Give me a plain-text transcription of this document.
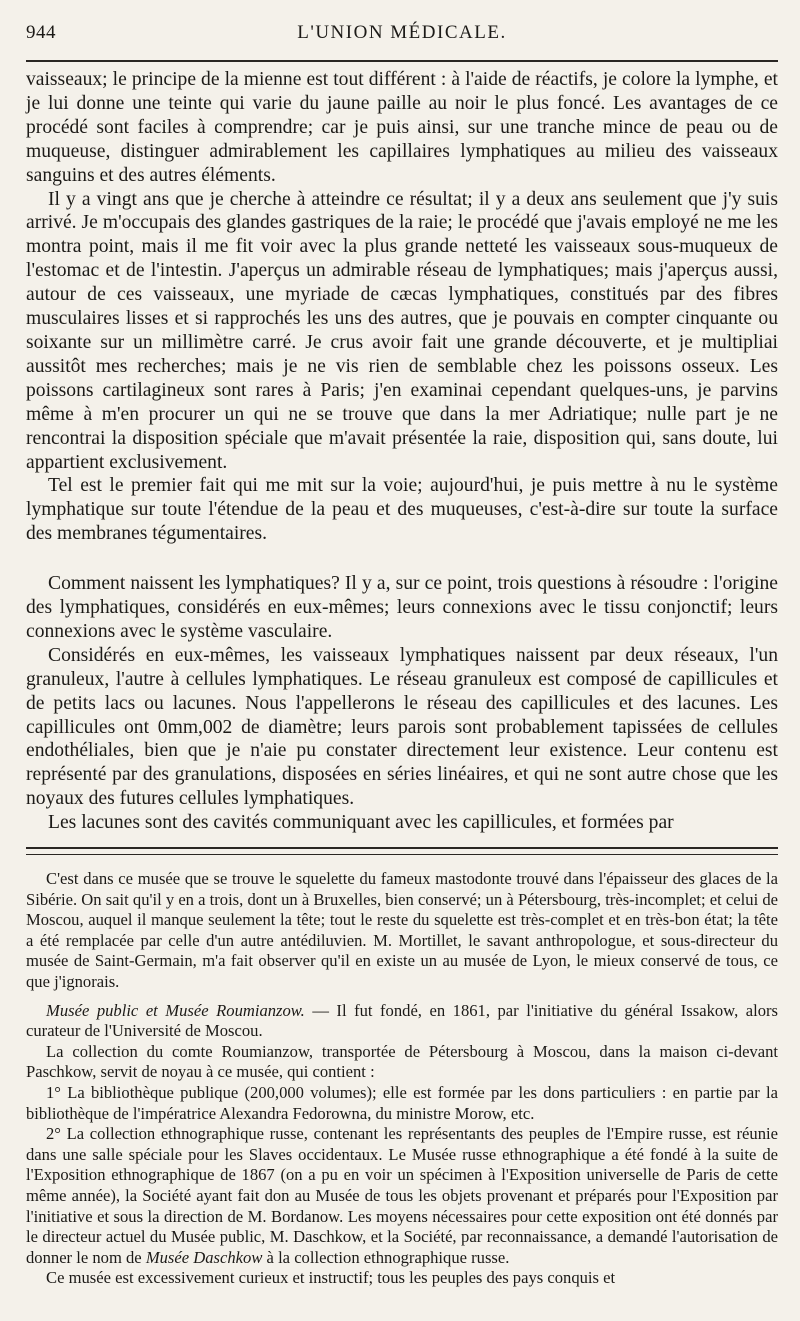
944	L'UNION MÉDICALE.

vaisseaux; le principe de la mienne est tout différent : à l'aide de réactifs, je colore la lymphe, et je lui donne une teinte qui varie du jaune paille au noir le plus foncé. Les avantages de ce procédé sont faciles à comprendre; car je puis ainsi, sur une tranche mince de peau ou de muqueuse, distinguer admirablement les capillaires lymphatiques au milieu des vaisseaux sanguins et des autres éléments.

Il y a vingt ans que je cherche à atteindre ce résultat; il y a deux ans seulement que j'y suis arrivé. Je m'occupais des glandes gastriques de la raie; le procédé que j'avais employé ne me les montra point, mais il me fit voir avec la plus grande netteté les vaisseaux sous-muqueux de l'estomac et de l'intestin. J'aperçus un admirable réseau de lymphatiques; mais j'aperçus aussi, autour de ces vaisseaux, une myriade de cæcas lymphatiques, constitués par des fibres musculaires lisses et si rapprochés les uns des autres, que je pouvais en compter cinquante ou soixante sur un millimètre carré. Je crus avoir fait une grande découverte, et je multipliai aussitôt mes recherches; mais je ne vis rien de semblable chez les poissons osseux. Les poissons cartilagineux sont rares à Paris; j'en examinai cependant quelques-uns, je parvins même à m'en procurer un qui ne se trouve que dans la mer Adriatique; nulle part je ne rencontrai la disposition spéciale que m'avait présentée la raie, disposition qui, sans doute, lui appartient exclusivement.

Tel est le premier fait qui me mit sur la voie; aujourd'hui, je puis mettre à nu le système lymphatique sur toute l'étendue de la peau et des muqueuses, c'est-à-dire sur toute la surface des membranes tégumentaires.

Comment naissent les lymphatiques? Il y a, sur ce point, trois questions à résoudre : l'origine des lymphatiques, considérés en eux-mêmes; leurs connexions avec le tissu conjonctif; leurs connexions avec le système vasculaire.

Considérés en eux-mêmes, les vaisseaux lymphatiques naissent par deux réseaux, l'un granuleux, l'autre à cellules lymphatiques. Le réseau granuleux est composé de capillicules et de petits lacs ou lacunes. Nous l'appellerons le réseau des capillicules et des lacunes. Les capillicules ont 0mm,002 de diamètre; leurs parois sont probablement tapissées de cellules endothéliales, bien que je n'aie pu constater directement leur existence. Leur contenu est représenté par des granulations, disposées en séries linéaires, et qui ne sont autre chose que les noyaux des futures cellules lymphatiques.

Les lacunes sont des cavités communiquant avec les capillicules, et formées par

C'est dans ce musée que se trouve le squelette du fameux mastodonte trouvé dans l'épaisseur des glaces de la Sibérie. On sait qu'il y en a trois, dont un à Bruxelles, bien conservé; un à Pétersbourg, très-incomplet; et celui de Moscou, auquel il manque seulement la tête; tout le reste du squelette est très-complet et en très-bon état; la tête a été remplacée par celle d'un autre antédiluvien. M. Mortillet, le savant anthropologue, et sous-directeur du musée de Saint-Germain, m'a fait observer qu'il en existe un au musée de Lyon, le mieux conservé de tous, ce que j'ignorais.

Musée public et Musée Roumianzow. — Il fut fondé, en 1861, par l'initiative du général Issakow, alors curateur de l'Université de Moscou.

La collection du comte Roumianzow, transportée de Pétersbourg à Moscou, dans la maison ci-devant Paschkow, servit de noyau à ce musée, qui contient :

1° La bibliothèque publique (200,000 volumes); elle est formée par les dons particuliers : en partie par la bibliothèque de l'impératrice Alexandra Fedorowna, du ministre Morow, etc.

2° La collection ethnographique russe, contenant les représentants des peuples de l'Empire russe, est réunie dans une salle spéciale pour les Slaves occidentaux. Le Musée russe ethnographique a été fondé à la suite de l'Exposition ethnographique de 1867 (on a pu en voir un spécimen à l'Exposition universelle de Paris de cette même année), la Société ayant fait don au Musée de tous les objets provenant et préparés pour l'Exposition par l'initiative et sous la direction de M. Bordanow. Les moyens nécessaires pour cette exposition ont été donnés par le directeur actuel du Musée public, M. Daschkow, et la Société, par reconnaissance, a demandé l'autorisation de donner le nom de Musée Daschkow à la collection ethnographique russe.

Ce musée est excessivement curieux et instructif; tous les peuples des pays conquis et
